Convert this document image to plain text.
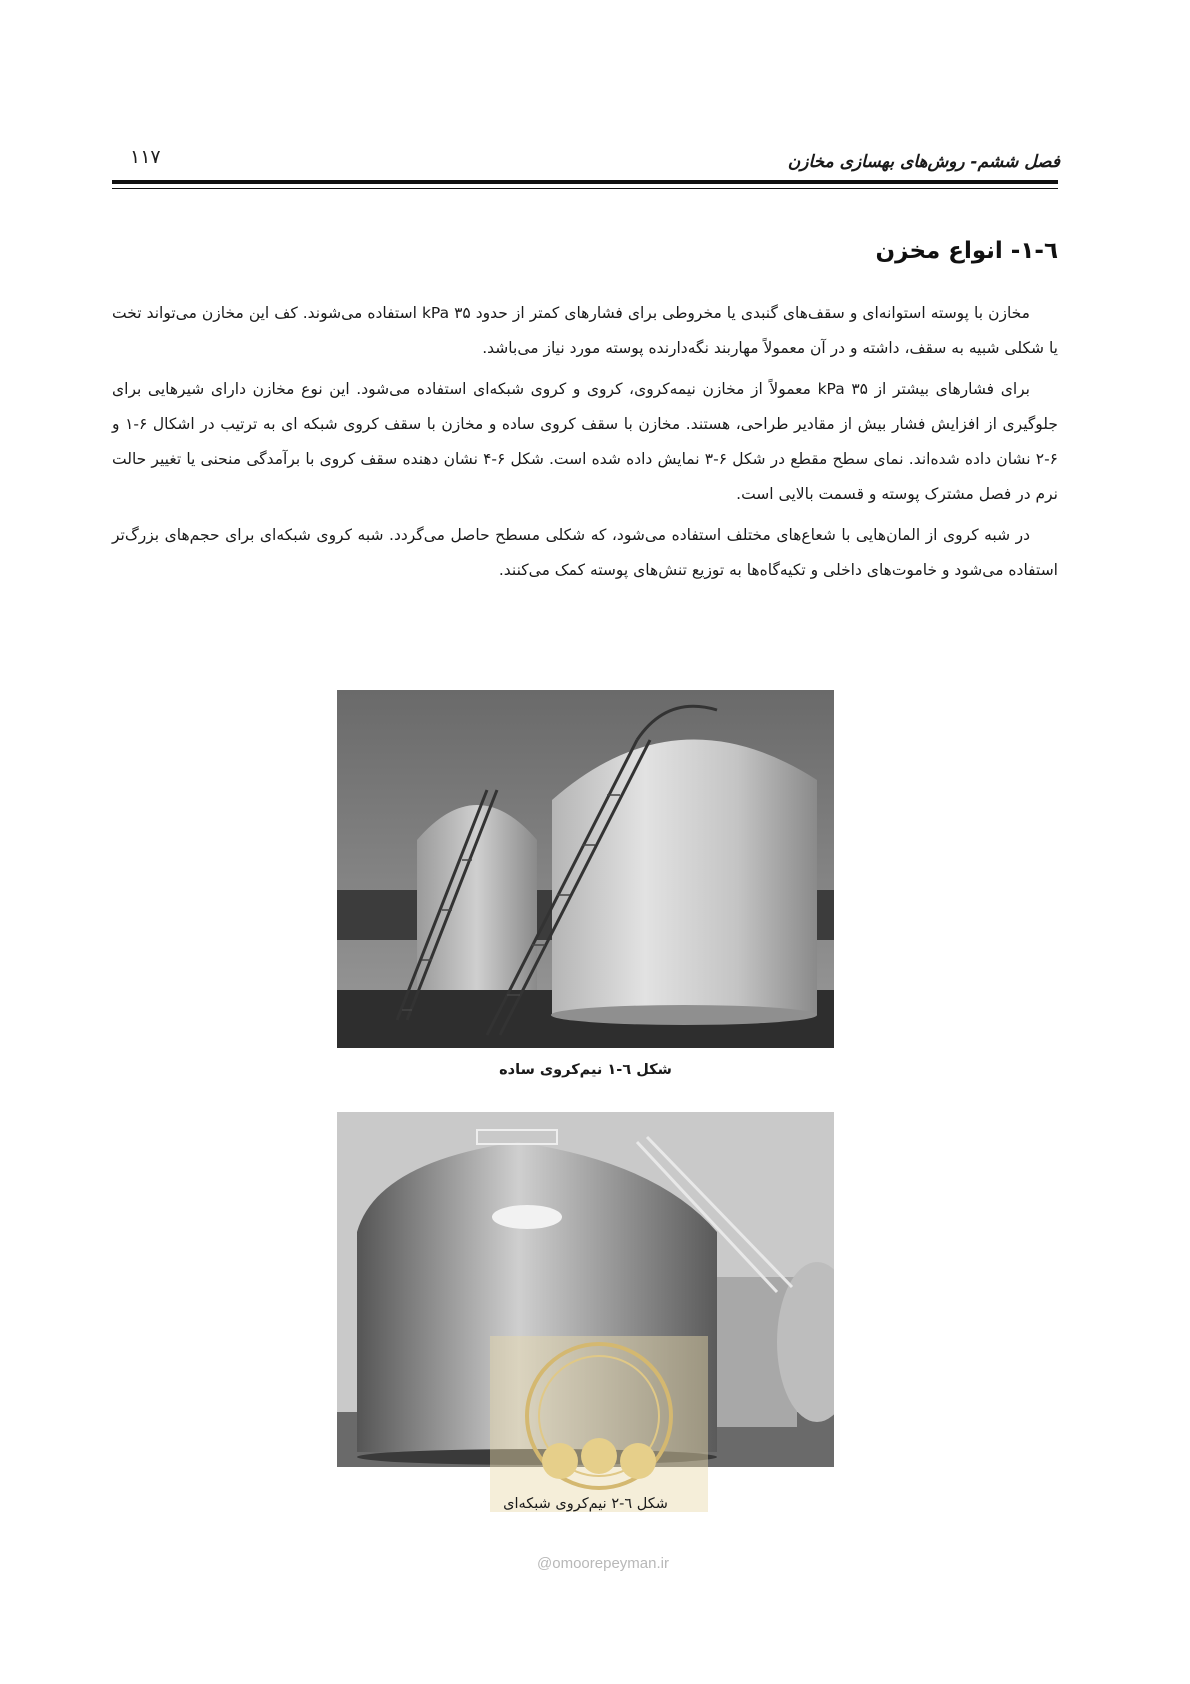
۱۱۷	فصل ششم- روش‌های بهسازی مخازن
٦-١- انواع مخزن

مخازن با پوسته استوانه‌ای و سقف‌های گنبدی یا مخروطی برای فشارهای کمتر از حدود ۳۵ kPa استفاده می‌شوند. کف این مخازن می‌تواند تخت یا شکلی شبیه به سقف، داشته و در آن معمولاً مهاربند نگه‌دارنده پوسته مورد نیاز می‌باشد.

برای فشارهای بیشتر از ۳۵ kPa معمولاً از مخازن نیمه‌کروی، کروی و کروی شبکه‌ای استفاده می‌شود. این نوع مخازن دارای شیرهایی برای جلوگیری از افزایش فشار بیش از مقادیر طراحی، هستند. مخازن با سقف کروی ساده و مخازن با سقف کروی شبکه ای به ترتیب در اشکال ۶-۱ و ۶-۲ نشان داده شده‌اند. نمای سطح مقطع در شکل ۶-۳ نمایش داده شده است. شکل ۶-۴ نشان دهنده سقف کروی با برآمدگی منحنی یا تغییر حالت نرم در فصل مشترک پوسته و قسمت بالایی است.

در شبه کروی از المان‌هایی با شعاع‌های مختلف استفاده می‌شود، که شکلی مسطح حاصل می‌گردد. شبه کروی شبکه‌ای برای حجم‌های بزرگ‌تر استفاده می‌شود و خاموت‌های داخلی و تکیه‌گاه‌ها به توزیع تنش‌های پوسته کمک می‌کنند.

شکل ٦-١ نیم‌کروی ساده
شکل ٦-٢ نیم‌کروی شبکه‌ای
@omoorepeyman.ir
